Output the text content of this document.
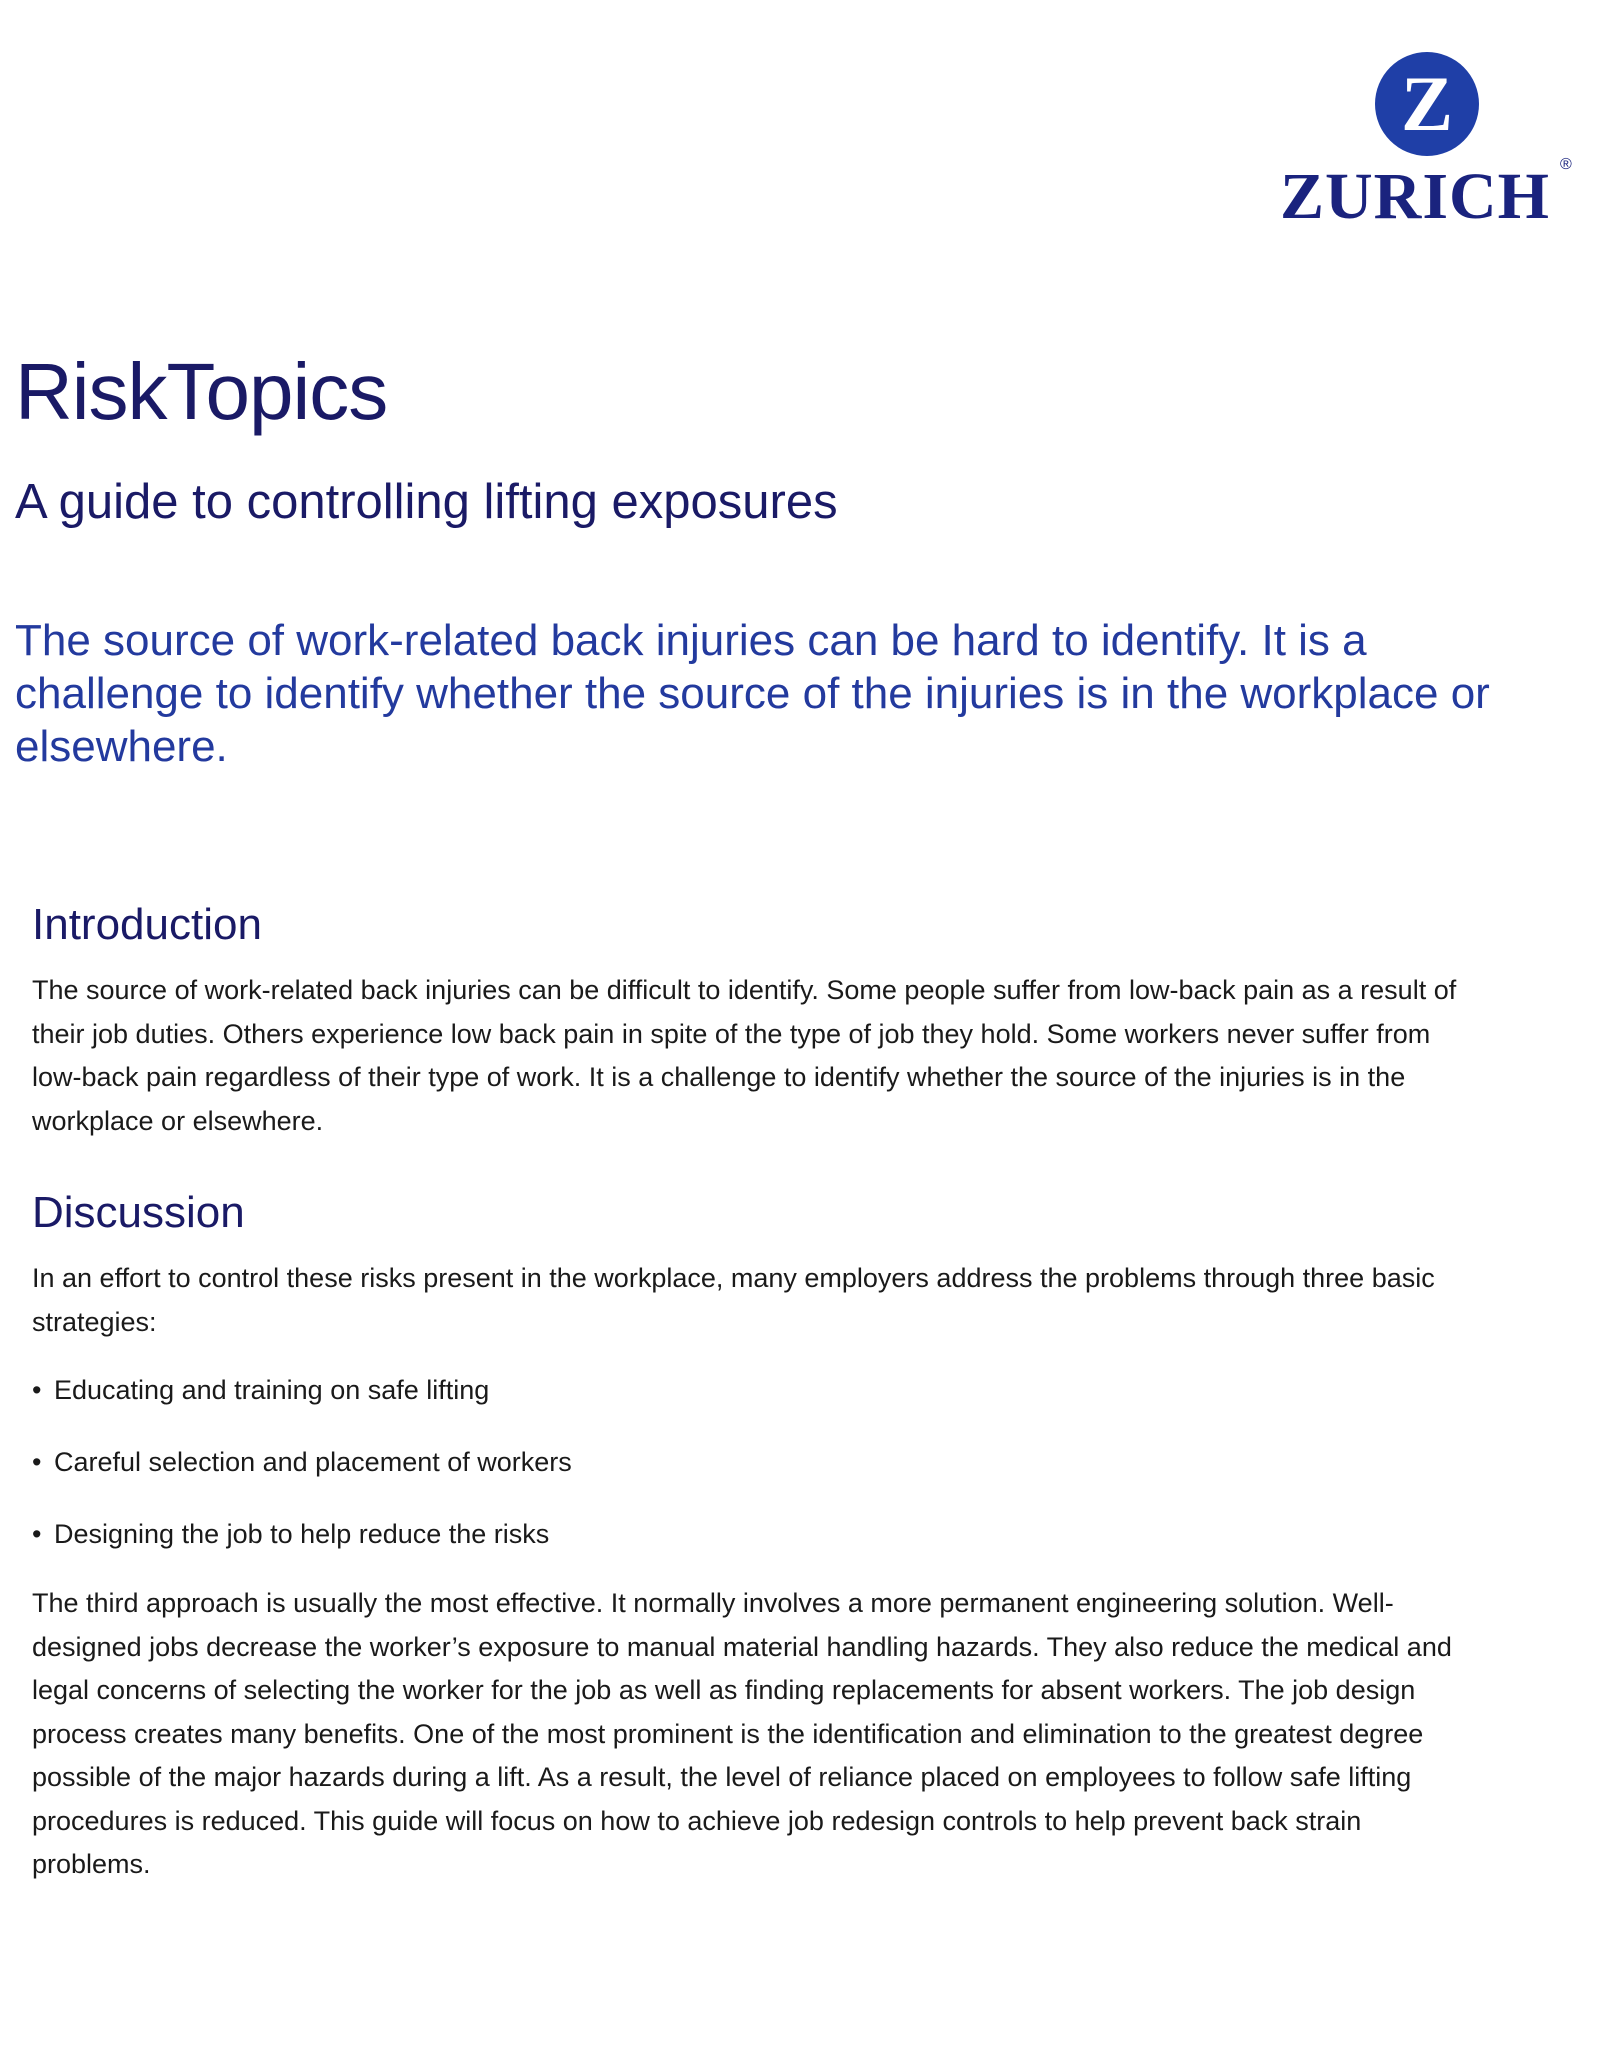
Z
ZURICH ®
RiskTopics
A guide to controlling lifting exposures

The source of work-related back injuries can be hard to identify. It is a challenge to identify whether the source of the injuries is in the workplace or elsewhere.

Introduction

The source of work-related back injuries can be difficult to identify. Some people suffer from low-back pain as a result of their job duties. Others experience low back pain in spite of the type of job they hold. Some workers never suffer from low-back pain regardless of their type of work. It is a challenge to identify whether the source of the injuries is in the workplace or elsewhere.

Discussion

In an effort to control these risks present in the workplace, many employers address the problems through three basic strategies:

• Educating and training on safe lifting
• Careful selection and placement of workers
• Designing the job to help reduce the risks

The third approach is usually the most effective. It normally involves a more permanent engineering solution. Well-designed jobs decrease the worker’s exposure to manual material handling hazards. They also reduce the medical and legal concerns of selecting the worker for the job as well as finding replacements for absent workers. The job design process creates many benefits. One of the most prominent is the identification and elimination to the greatest degree possible of the major hazards during a lift. As a result, the level of reliance placed on employees to follow safe lifting procedures is reduced. This guide will focus on how to achieve job redesign controls to help prevent back strain problems.
